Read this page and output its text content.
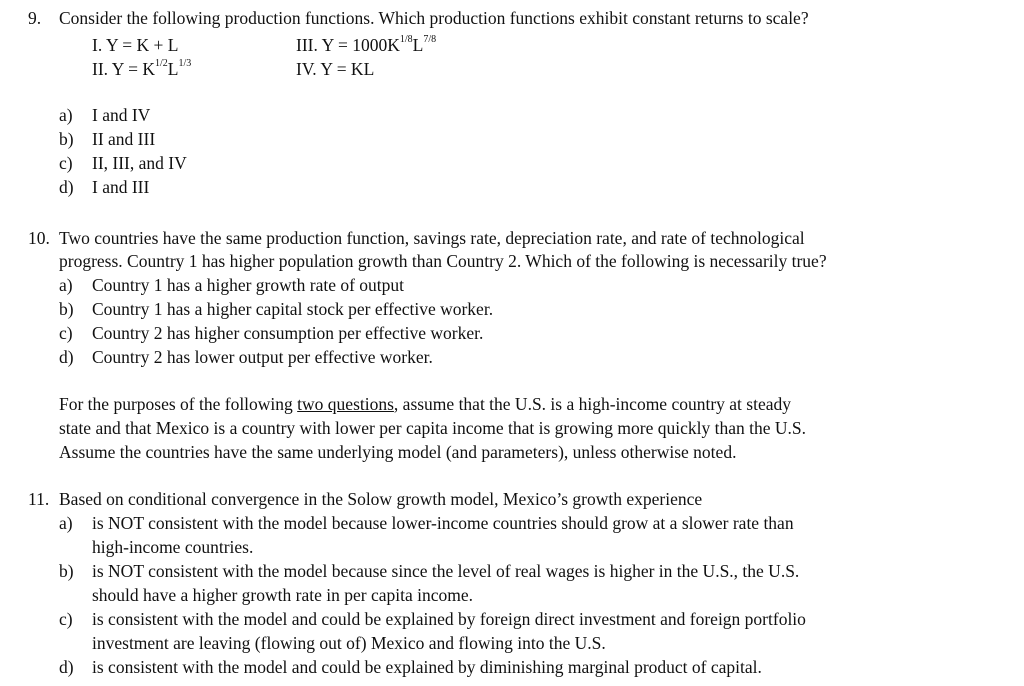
9. Consider the following production functions. Which production functions exhibit constant returns to scale?
I. Y = K + L	III. $Y = 1000K^{1/8}L^{7/8}$
II. $Y = K^{1/2}L^{1/3}$	IV. Y = KL
a) I and IV
b) II and III
c) II, III, and IV
d) I and III
10. Two countries have the same production function, savings rate, depreciation rate, and rate of technological
progress. Country 1 has higher population growth than Country 2. Which of the following is necessarily true?
a) Country 1 has a higher growth rate of output
b) Country 1 has a higher capital stock per effective worker.
c) Country 2 has higher consumption per effective worker.
d) Country 2 has lower output per effective worker.
For the purposes of the following two questions, assume that the U.S. is a high-income country at steady
state and that Mexico is a country with lower per capita income that is growing more quickly than the U.S.
Assume the countries have the same underlying model (and parameters), unless otherwise noted.
11. Based on conditional convergence in the Solow growth model, Mexico’s growth experience
a) is NOT consistent with the model because lower-income countries should grow at a slower rate than
high-income countries.
b) is NOT consistent with the model because since the level of real wages is higher in the U.S., the U.S.
should have a higher growth rate in per capita income.
c) is consistent with the model and could be explained by foreign direct investment and foreign portfolio
investment are leaving (flowing out of) Mexico and flowing into the U.S.
d) is consistent with the model and could be explained by diminishing marginal product of capital.
